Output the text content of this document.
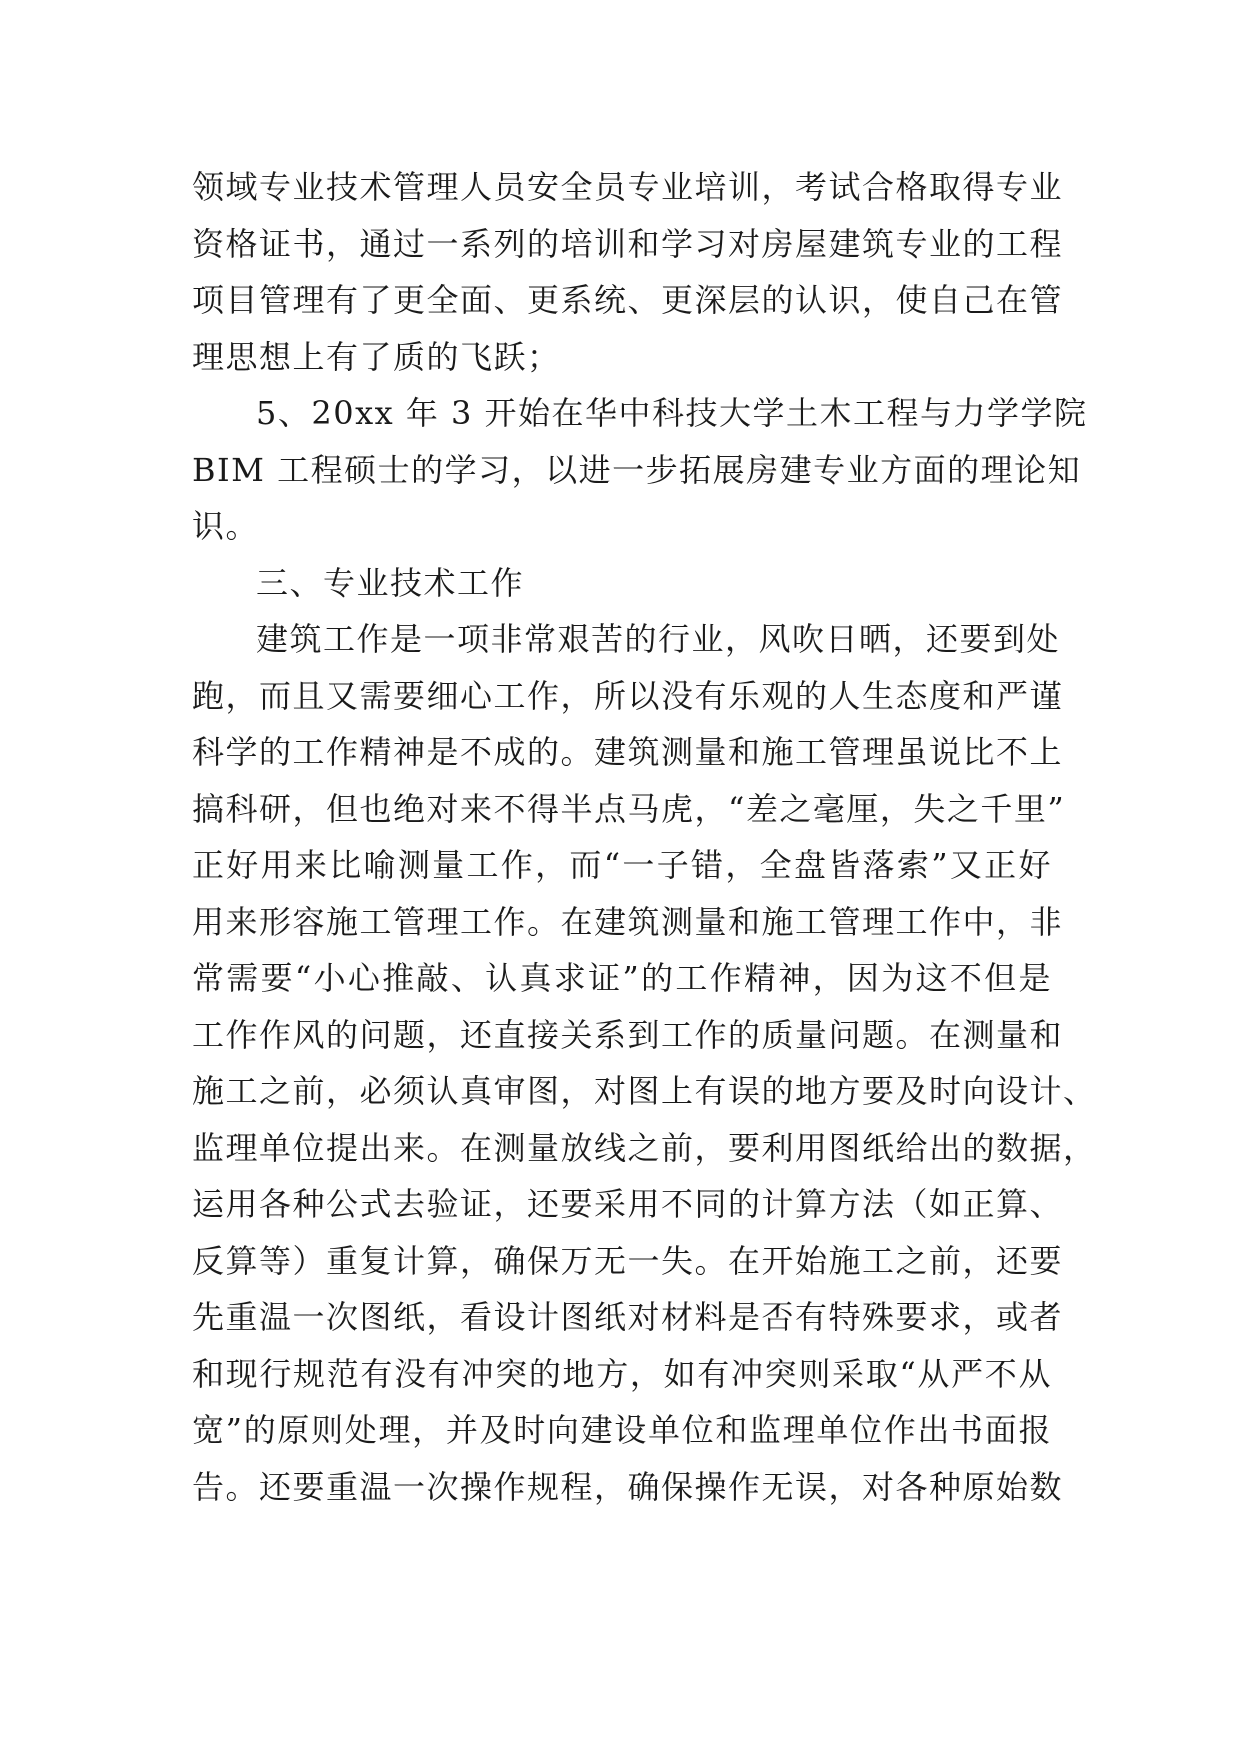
领域专业技术管理人员安全员专业培训，考试合格取得专业
资格证书，通过一系列的培训和学习对房屋建筑专业的工程
项目管理有了更全面、更系统、更深层的认识，使自己在管
理思想上有了质的飞跃；
5、20xx 年 3 开始在华中科技大学土木工程与力学学院
BIM 工程硕士的学习，以进一步拓展房建专业方面的理论知
识。
三、专业技术工作
建筑工作是一项非常艰苦的行业，风吹日晒，还要到处
跑，而且又需要细心工作，所以没有乐观的人生态度和严谨
科学的工作精神是不成的。建筑测量和施工管理虽说比不上
搞科研，但也绝对来不得半点马虎，“差之毫厘，失之千里”
正好用来比喻测量工作，而“一子错，全盘皆落索”又正好
用来形容施工管理工作。在建筑测量和施工管理工作中，非
常需要“小心推敲、认真求证”的工作精神，因为这不但是
工作作风的问题，还直接关系到工作的质量问题。在测量和
施工之前，必须认真审图，对图上有误的地方要及时向设计、
监理单位提出来。在测量放线之前，要利用图纸给出的数据，
运用各种公式去验证，还要采用不同的计算方法（如正算、
反算等）重复计算，确保万无一失。在开始施工之前，还要
先重温一次图纸，看设计图纸对材料是否有特殊要求，或者
和现行规范有没有冲突的地方，如有冲突则采取“从严不从
宽”的原则处理，并及时向建设单位和监理单位作出书面报
告。还要重温一次操作规程，确保操作无误，对各种原始数
